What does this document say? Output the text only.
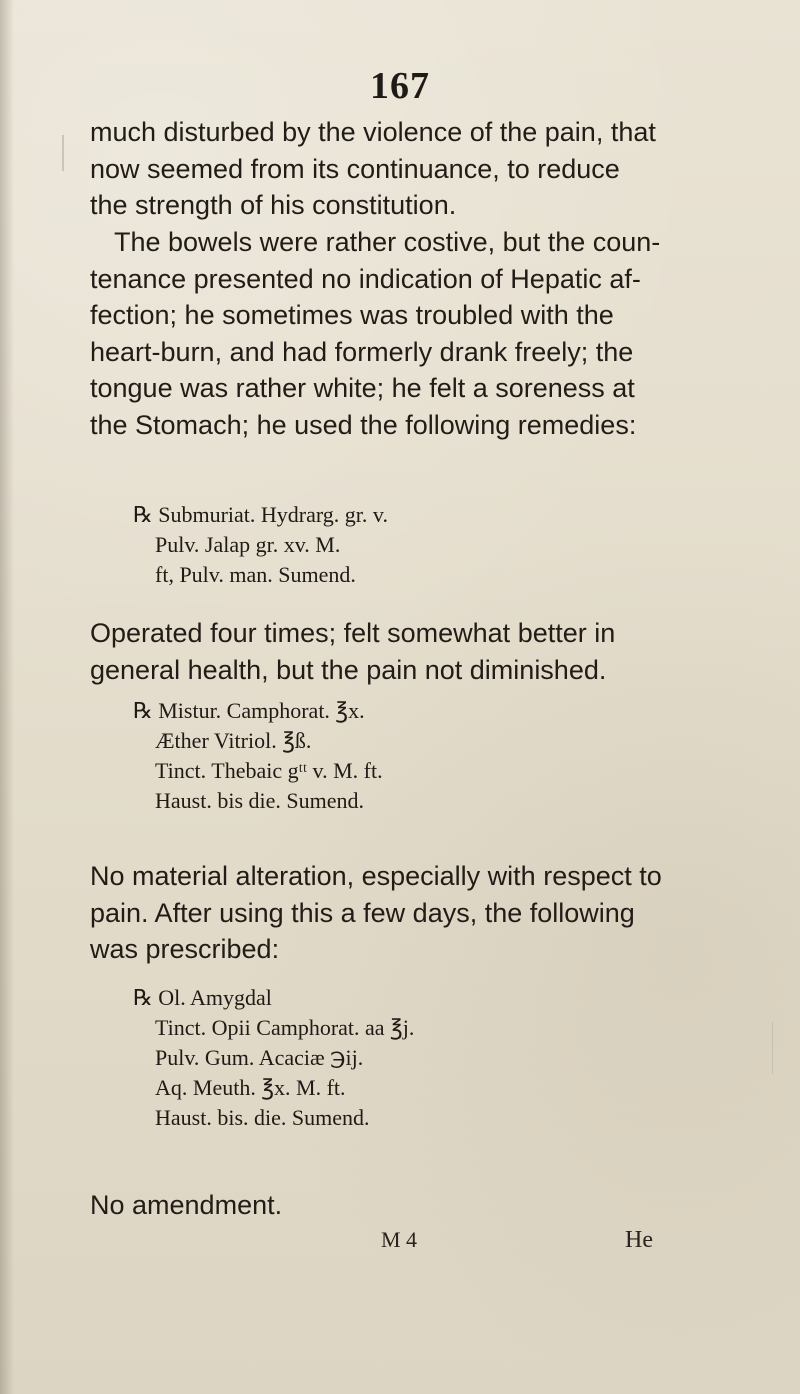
167
much disturbed by the violence of the pain, that
now seemed from its continuance, to reduce
the strength of his constitution.
The bowels were rather costive, but the coun-
tenance presented no indication of Hepatic af-
fection; he sometimes was troubled with the
heart-burn, and had formerly drank freely; the
tongue was rather white; he felt a soreness at
the Stomach; he used the following remedies:
℞ Submuriat. Hydrarg. gr. v.
Pulv. Jalap gr. xv. M.
ft, Pulv. man. Sumend.
Operated four times; felt somewhat better in
general health, but the pain not diminished.
℞ Mistur. Camphorat. ℥x.
Æther Vitriol. ℥ß.
Tinct. Thebaic gᵗᵗ v. M. ft.
Haust. bis die. Sumend.
No material alteration, especially with respect to
pain. After using this a few days, the following
was prescribed:
℞ Ol. Amygdal
Tinct. Opii Camphorat. aa ℥j.
Pulv. Gum. Acaciæ ℈ij.
Aq. Meuth. ℥x. M. ft.
Haust. bis. die. Sumend.
No amendment.
M 4	He
